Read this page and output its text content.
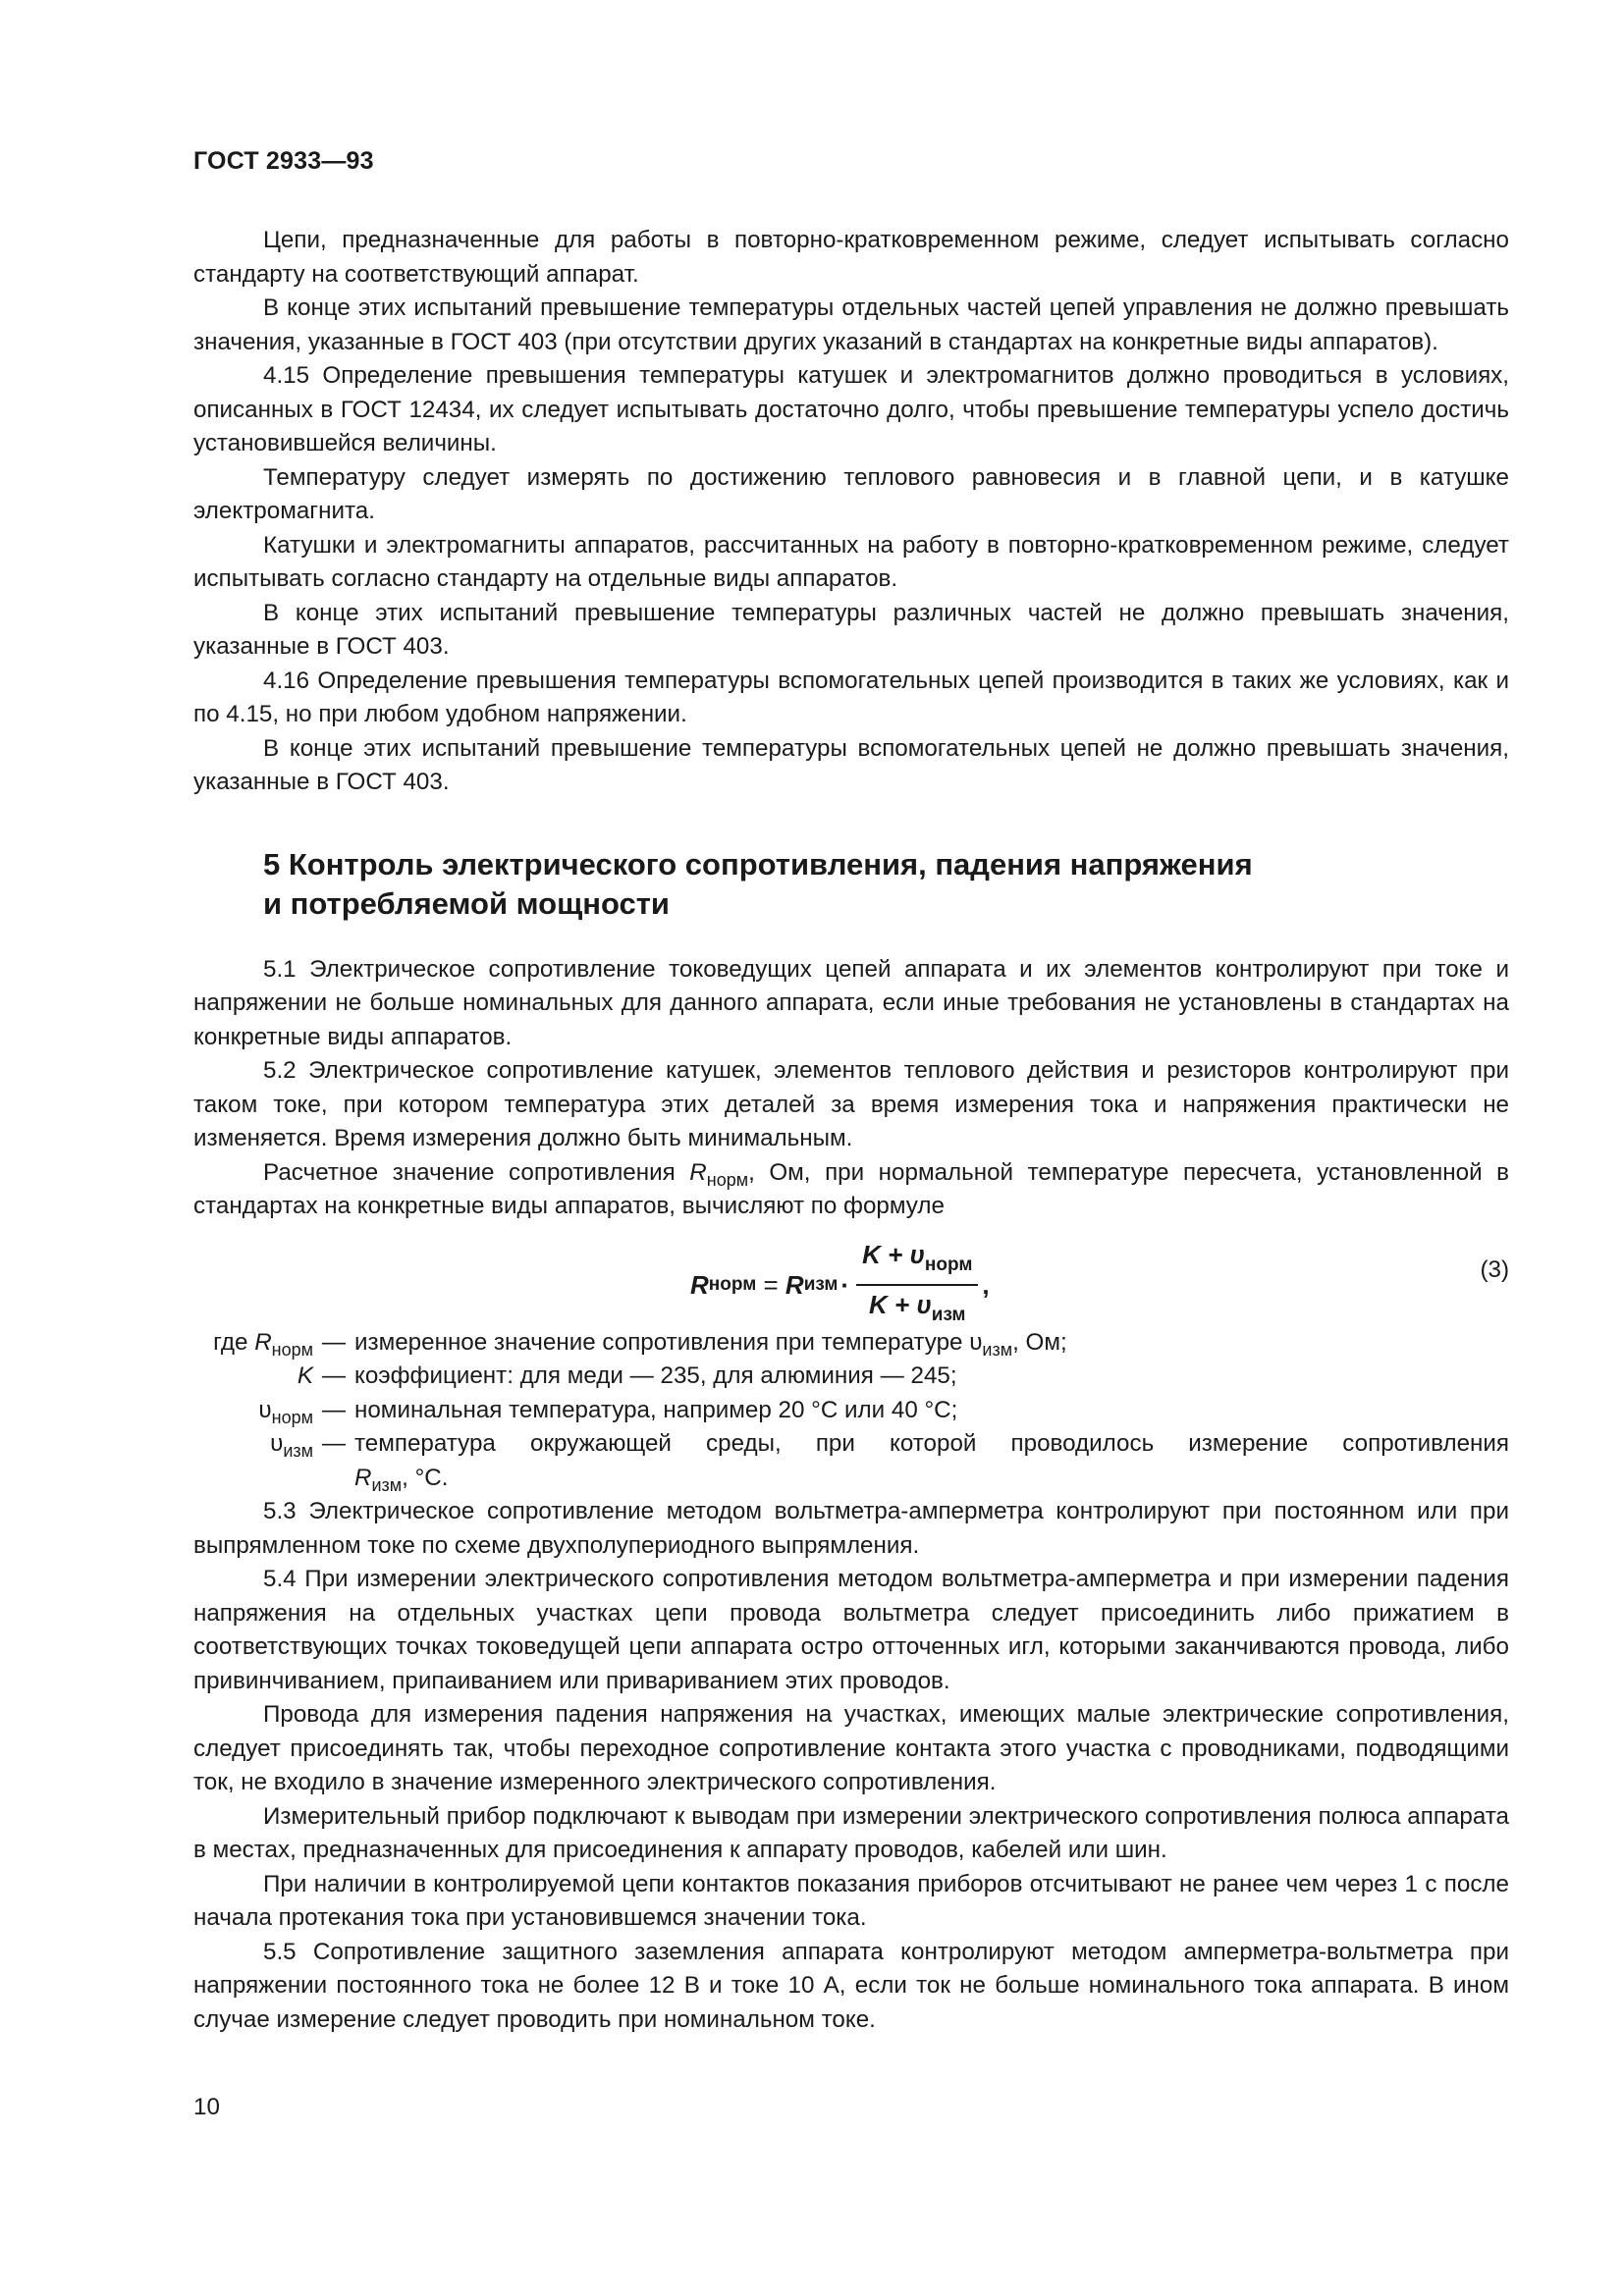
ГОСТ 2933—93

Цепи, предназначенные для работы в повторно-кратковременном режиме, следует испытывать согласно стандарту на соответствующий аппарат.

В конце этих испытаний превышение температуры отдельных частей цепей управления не должно превышать значения, указанные в ГОСТ 403 (при отсутствии других указаний в стандартах на конкретные виды аппаратов).

4.15 Определение превышения температуры катушек и электромагнитов должно проводиться в условиях, описанных в ГОСТ 12434, их следует испытывать достаточно долго, чтобы превышение температуры успело достичь установившейся величины.

Температуру следует измерять по достижению теплового равновесия и в главной цепи, и в катушке электромагнита.

Катушки и электромагниты аппаратов, рассчитанных на работу в повторно-кратковременном режиме, следует испытывать согласно стандарту на отдельные виды аппаратов.

В конце этих испытаний превышение температуры различных частей не должно превышать значения, указанные в ГОСТ 403.

4.16 Определение превышения температуры вспомогательных цепей производится в таких же условиях, как и по 4.15, но при любом удобном напряжении.

В конце этих испытаний превышение температуры вспомогательных цепей не должно превышать значения, указанные в ГОСТ 403.

5 Контроль электрического сопротивления, падения напряжения
и потребляемой мощности

5.1 Электрическое сопротивление токоведущих цепей аппарата и их элементов контролируют при токе и напряжении не больше номинальных для данного аппарата, если иные требования не установлены в стандартах на конкретные виды аппаратов.

5.2 Электрическое сопротивление катушек, элементов теплового действия и резисторов контролируют при таком токе, при котором температура этих деталей за время измерения тока и напряжения практически не изменяется. Время измерения должно быть минимальным.

Расчетное значение сопротивления $R_{норм}$, Ом, при нормальной температуре пересчета, установленной в стандартах на конкретные виды аппаратов, вычисляют по формуле

R норм = R изм · $\frac{K + \upsilon_{норм}}{K + \upsilon_{изм}}$ ,
(3)
где $R_{норм}$ — измеренное значение сопротивления при температуре $\upsilon_{изм}$, Ом;
K — коэффициент: для меди — 235, для алюминия — 245;
$\upsilon_{норм}$ — номинальная температура, например 20 °С или 40 °С;
$\upsilon_{изм}$ — температура окружающей среды, при которой проводилось измерение сопротивления
$R_{изм}$, °С.

5.3 Электрическое сопротивление методом вольтметра-амперметра контролируют при постоянном или при выпрямленном токе по схеме двухполупериодного выпрямления.

5.4 При измерении электрического сопротивления методом вольтметра-амперметра и при измерении падения напряжения на отдельных участках цепи провода вольтметра следует присоединить либо прижатием в соответствующих точках токоведущей цепи аппарата остро отточенных игл, которыми заканчиваются провода, либо привинчиванием, припаиванием или привариванием этих проводов.

Провода для измерения падения напряжения на участках, имеющих малые электрические сопротивления, следует присоединять так, чтобы переходное сопротивление контакта этого участка с проводниками, подводящими ток, не входило в значение измеренного электрического сопротивления.

Измерительный прибор подключают к выводам при измерении электрического сопротивления полюса аппарата в местах, предназначенных для присоединения к аппарату проводов, кабелей или шин.

При наличии в контролируемой цепи контактов показания приборов отсчитывают не ранее чем через 1 с после начала протекания тока при установившемся значении тока.

5.5 Сопротивление защитного заземления аппарата контролируют методом амперметра-вольтметра при напряжении постоянного тока не более 12 В и токе 10 А, если ток не больше номинального тока аппарата. В ином случае измерение следует проводить при номинальном токе.

10
